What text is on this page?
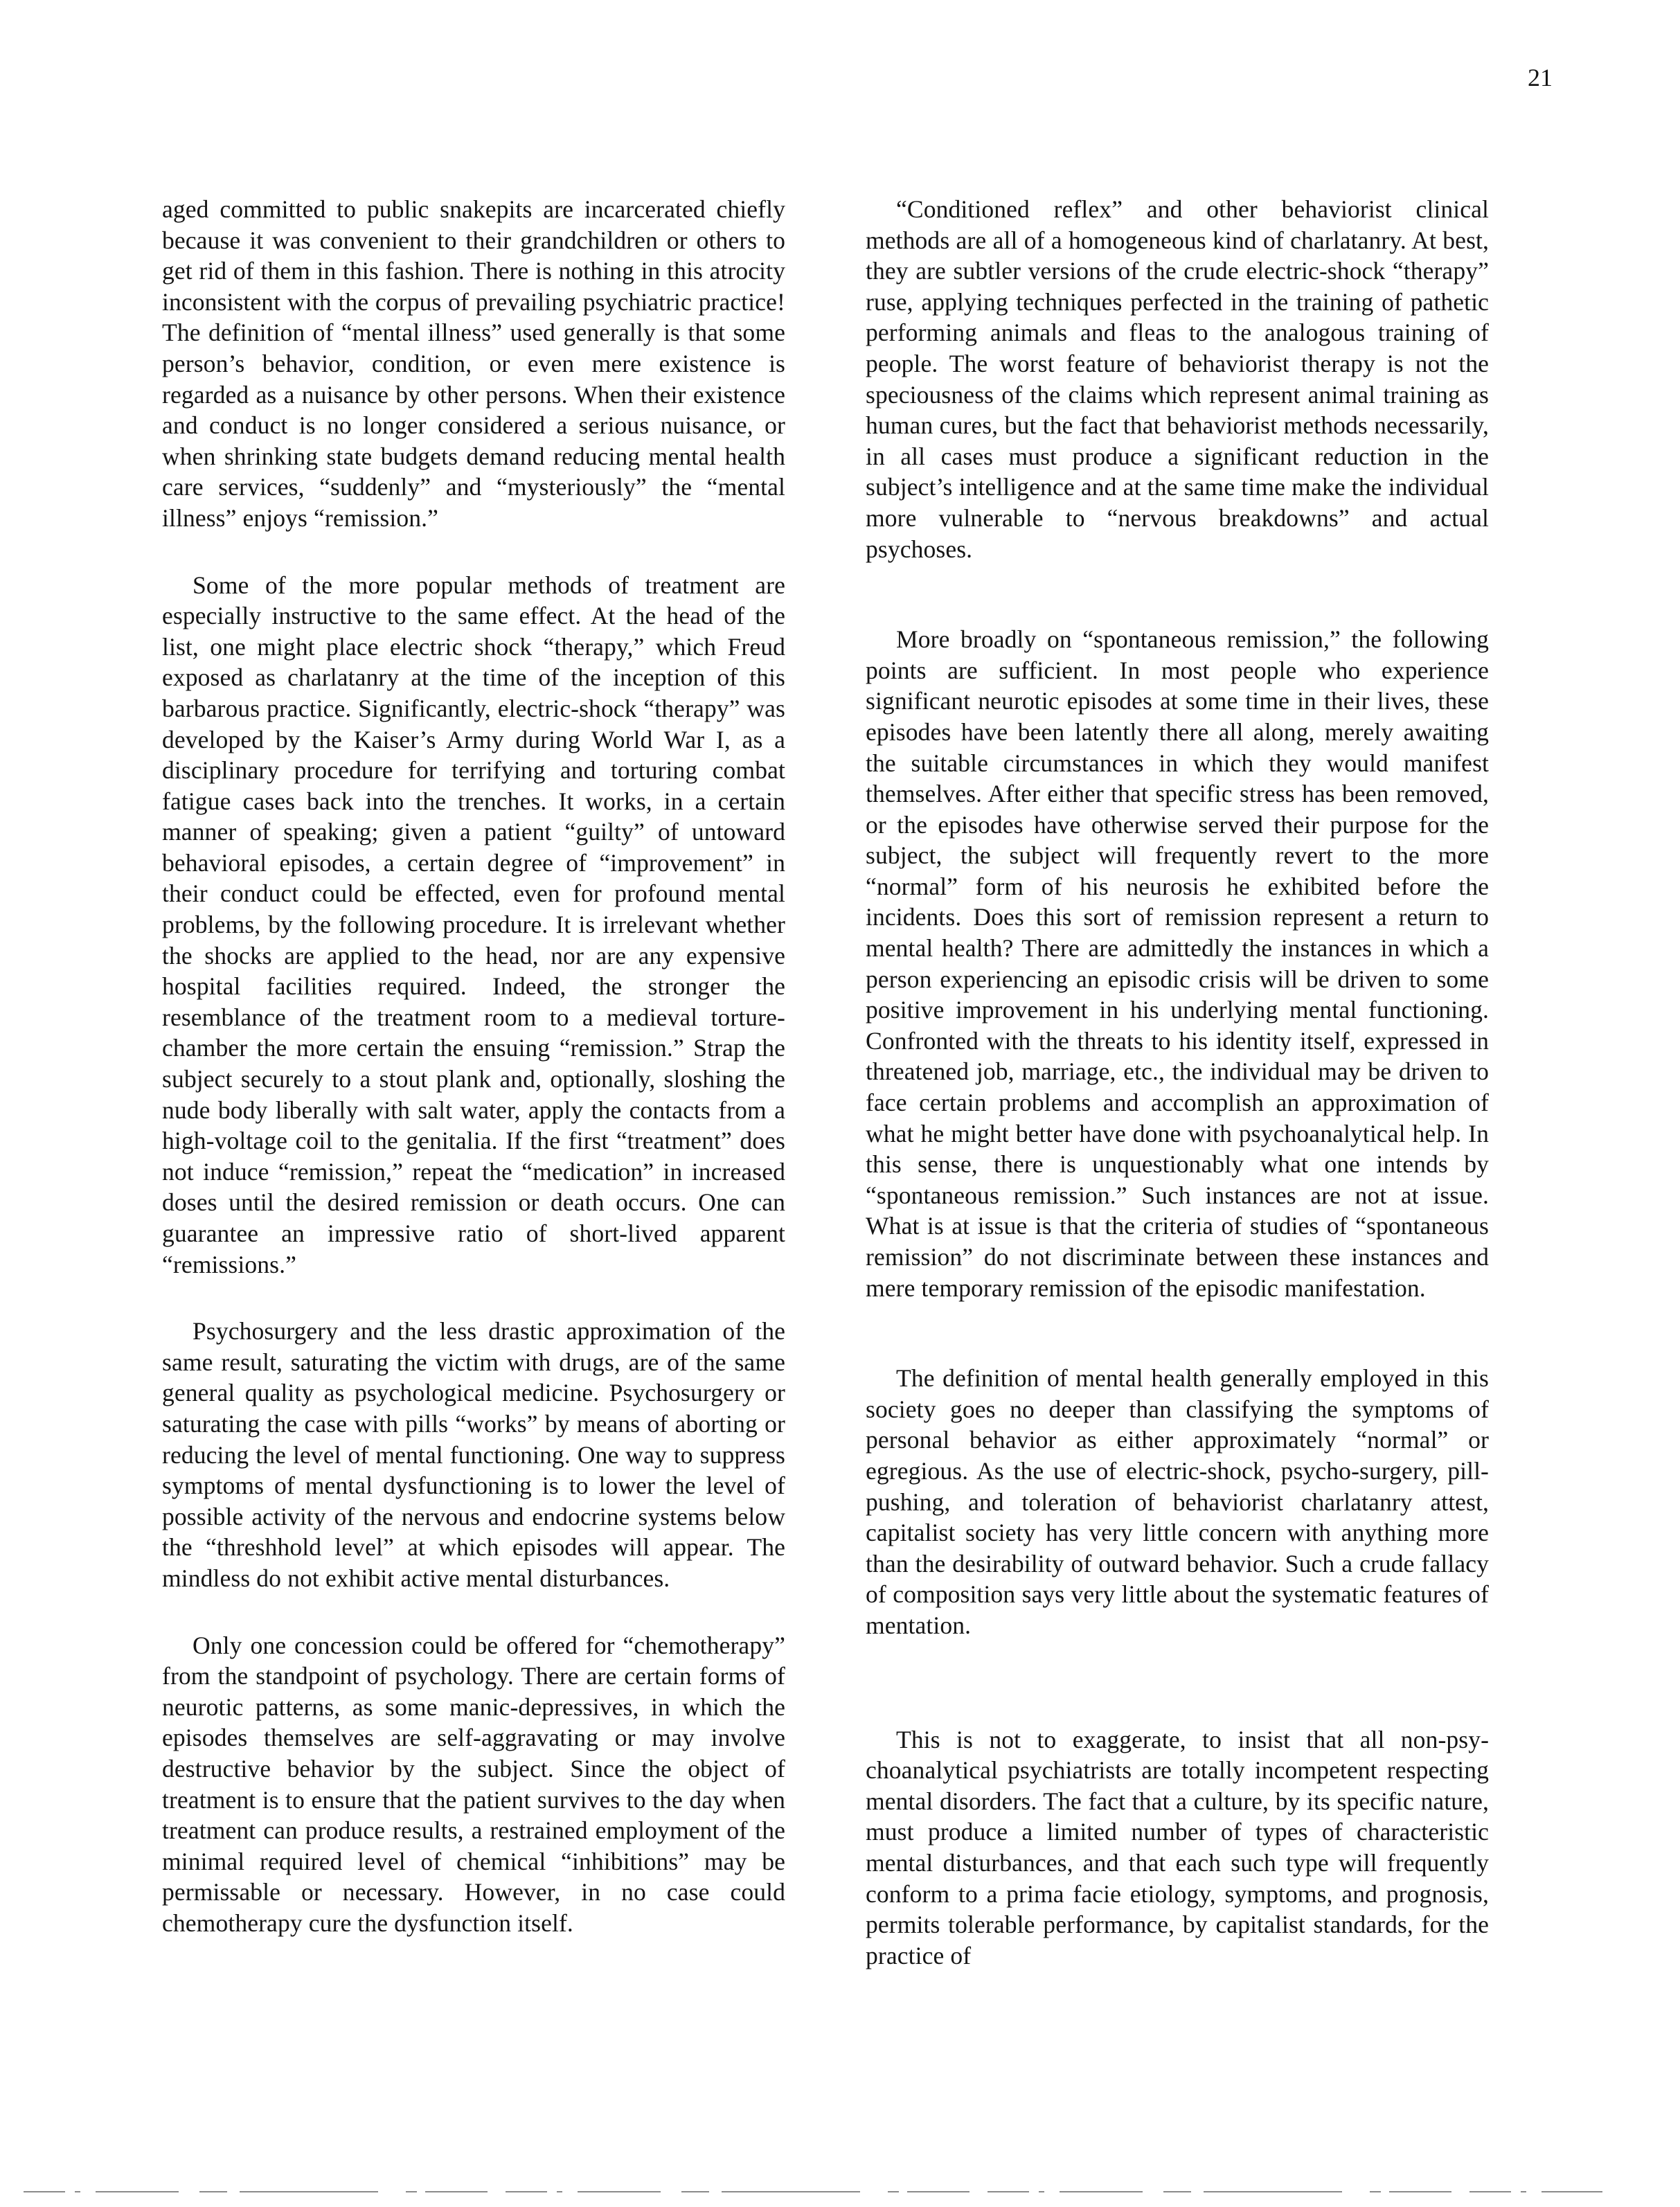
21

aged committed to public snakepits are incarcerated chiefly because it was convenient to their grandchildren or others to get rid of them in this fashion. There is nothing in this atrocity inconsistent with the corpus of prevailing psychiatric practice! The definition of “mental illness” used generally is that some person’s behavior, condition, or even mere existence is regarded as a nuisance by other persons. When their existence and conduct is no longer considered a serious nuisance, or when shrinking state budgets demand reducing mental health care services, “suddenly” and “mysteriously” the “mental illness” enjoys “remission.”

Some of the more popular methods of treatment are especially instructive to the same effect. At the head of the list, one might place electric shock “therapy,” which Freud exposed as charlatanry at the time of the inception of this barbarous practice. Significantly, electric-shock “therapy” was developed by the Kaiser’s Army during World War I, as a disciplinary procedure for terrifying and torturing combat fatigue cases back into the trenches. It works, in a certain manner of speaking; given a patient “guilty” of untoward behavioral episodes, a certain degree of “improvement” in their conduct could be effected, even for profound mental problems, by the following procedure. It is irrelevant whether the shocks are applied to the head, nor are any expensive hospital facilities required. Indeed, the stronger the resemblance of the treatment room to a medieval torture-chamber the more certain the ensuing “remission.” Strap the subject securely to a stout plank and, optionally, sloshing the nude body liberally with salt water, apply the contacts from a high-voltage coil to the genitalia. If the first “treatment” does not induce “remission,” repeat the “medication” in increased doses until the desired remission or death occurs. One can guarantee an impressive ratio of short-lived apparent “remissions.”

Psychosurgery and the less drastic approximation of the same result, saturating the victim with drugs, are of the same general quality as psychological medicine. Psychosurgery or saturating the case with pills “works” by means of aborting or reducing the level of mental functioning. One way to suppress symptoms of mental dysfunctioning is to lower the level of possible activity of the nervous and endocrine systems below the “threshhold level” at which episodes will appear. The mindless do not exhibit active mental disturbances.

Only one concession could be offered for “chemotherapy” from the standpoint of psychology. There are certain forms of neurotic patterns, as some manic-depressives, in which the episodes themselves are self-aggravating or may involve destructive behavior by the subject. Since the object of treatment is to ensure that the patient survives to the day when treatment can produce results, a restrained employment of the minimal required level of chemical “inhibitions” may be permissable or necessary. However, in no case could chemotherapy cure the dysfunction itself.

“Conditioned reflex” and other behaviorist clinical methods are all of a homogeneous kind of charlatanry. At best, they are subtler versions of the crude electric-shock “therapy” ruse, applying techniques perfected in the training of pathetic performing animals and fleas to the analogous training of people. The worst feature of behaviorist therapy is not the speciousness of the claims which represent animal training as human cures, but the fact that behaviorist methods necessarily, in all cases must produce a significant reduction in the subject’s intelligence and at the same time make the individual more vulnerable to “nervous breakdowns” and actual psychoses.

More broadly on “spontaneous remission,” the following points are sufficient. In most people who experience significant neurotic episodes at some time in their lives, these episodes have been latently there all along, merely awaiting the suitable circumstances in which they would manifest themselves. After either that specific stress has been removed, or the episodes have otherwise served their purpose for the subject, the subject will frequently revert to the more “normal” form of his neurosis he exhibited before the incidents. Does this sort of remission represent a return to mental health? There are admittedly the instances in which a person experiencing an episodic crisis will be driven to some positive improvement in his underlying mental functioning. Confronted with the threats to his identity itself, expressed in threatened job, marriage, etc., the individual may be driven to face certain problems and accomplish an approximation of what he might better have done with psychoanalytical help. In this sense, there is unquestionably what one intends by “spontaneous remission.” Such instances are not at issue. What is at issue is that the criteria of studies of “spontaneous remission” do not discriminate between these instances and mere temporary remission of the episodic manifestation.

The definition of mental health generally employed in this society goes no deeper than classifying the symptoms of personal behavior as either approximately “normal” or egregious. As the use of electric-shock, psycho-surgery, pill-pushing, and toleration of behaviorist charlatanry attest, capitalist society has very little concern with anything more than the desirability of outward behavior. Such a crude fallacy of composition says very little about the systematic features of mentation.

This is not to exaggerate, to insist that all non-psychoanalytical psychiatrists are totally incompetent respecting mental disorders. The fact that a culture, by its specific nature, must produce a limited number of types of characteristic mental disturbances, and that each such type will frequently conform to a prima facie etiology, symptoms, and prognosis, permits tolerable performance, by capitalist standards, for the practice of
